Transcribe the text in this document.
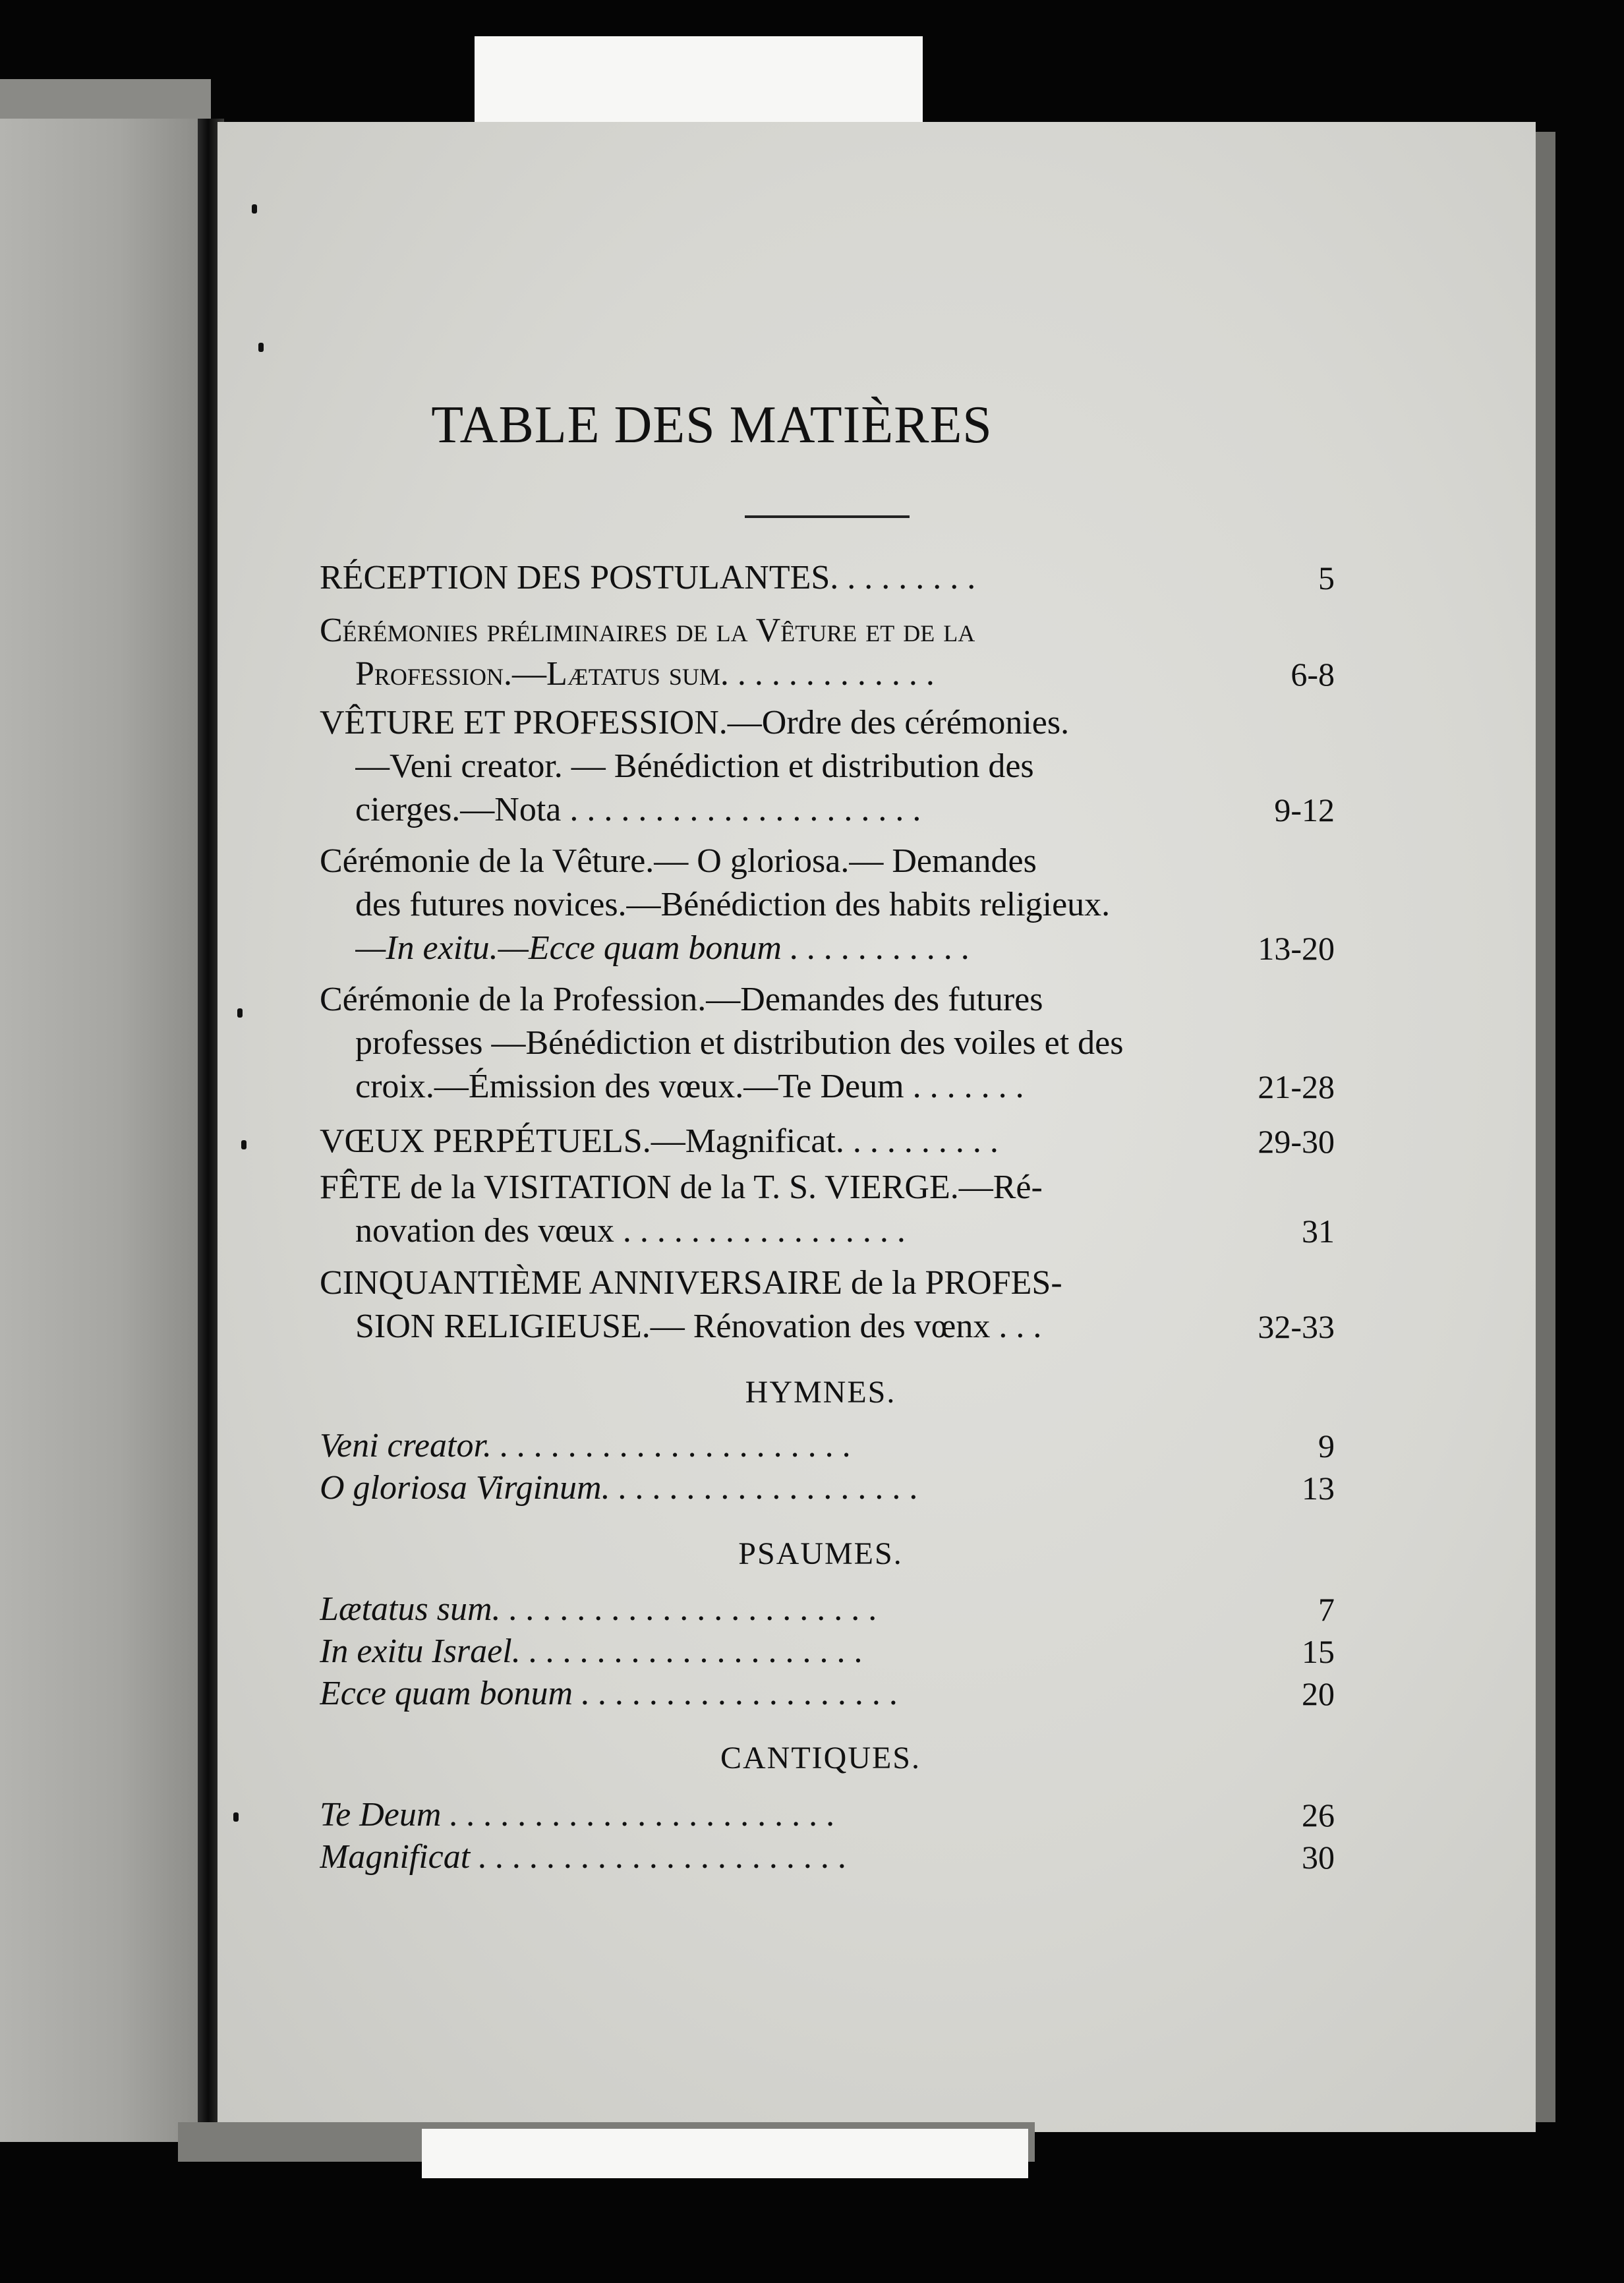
TABLE DES MATIÈRES
RÉCEPTION DES POSTULANTES. . . . . . . . .	5
Cérémonies préliminaires de la Vêture et de la
Profession.—Lætatus sum. . . . . . . . . . . . .	6-8
VÊTURE ET PROFESSION.—Ordre des cérémonies.
—Veni creator. — Bénédiction et distribution des
cierges.—Nota . . . . . . . . . . . . . . . . . . . . .	9-12
Cérémonie de la Vêture.— O gloriosa.— Demandes
des futures novices.—Bénédiction des habits religieux.
—In exitu.—Ecce quam bonum . . . . . . . . . . .	13-20
Cérémonie de la Profession.—Demandes des futures
professes —Bénédiction et distribution des voiles et des
croix.—Émission des vœux.—Te Deum . . . . . . .	21-28
VŒUX PERPÉTUELS.—Magnificat. . . . . . . . . .	29-30
FÊTE de la VISITATION de la T. S. VIERGE.—Ré-
novation des vœux . . . . . . . . . . . . . . . . .	31
CINQUANTIÈME ANNIVERSAIRE de la PROFES-
SION RELIGIEUSE.— Rénovation des vœnx . . .	32-33
HYMNES.
Veni creator. . . . . . . . . . . . . . . . . . . . . .	9
O gloriosa Virginum. . . . . . . . . . . . . . . . . . .	13
PSAUMES.
Lætatus sum. . . . . . . . . . . . . . . . . . . . . . .	7
In exitu Israel. . . . . . . . . . . . . . . . . . . . .	15
Ecce quam bonum . . . . . . . . . . . . . . . . . . .	20
CANTIQUES.
Te Deum . . . . . . . . . . . . . . . . . . . . . . .	26
Magnificat . . . . . . . . . . . . . . . . . . . . . .	30
